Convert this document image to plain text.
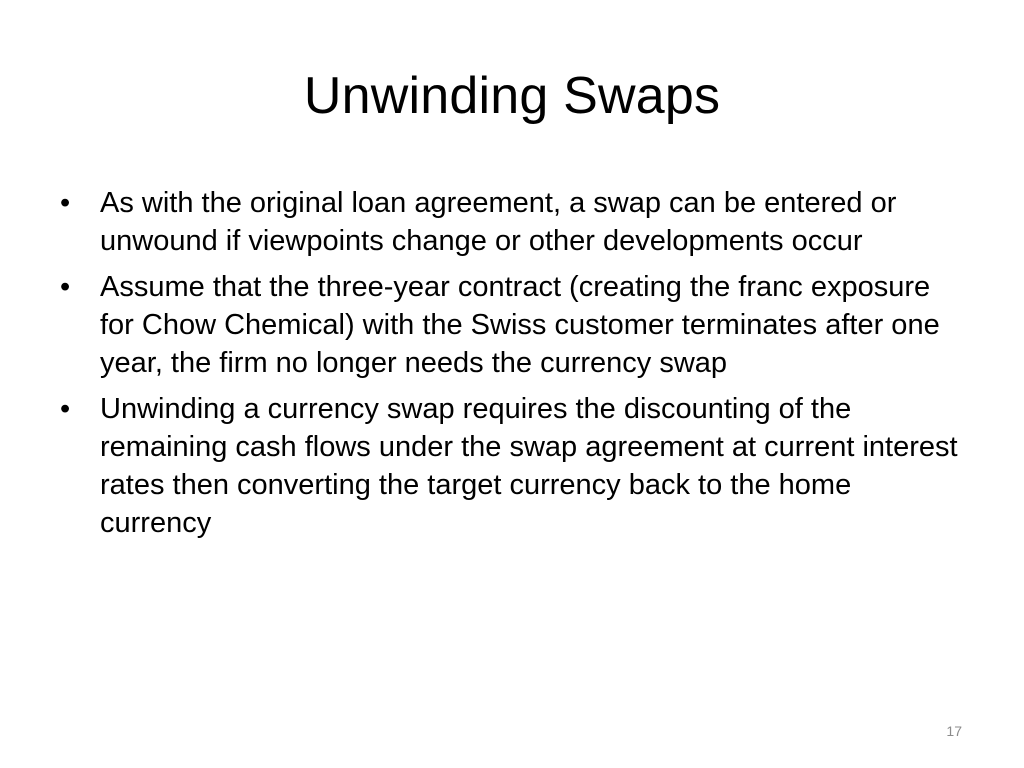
Unwinding Swaps
•	As with the original loan agreement, a swap can be entered or unwound if viewpoints change or other developments occur
•	Assume that the three-year contract (creating the franc exposure for Chow Chemical) with the Swiss customer terminates after one year, the firm no longer needs the currency swap
•	Unwinding a currency swap requires the discounting of the remaining cash flows under the swap agreement at current interest rates then converting the target currency back to the home currency
17
